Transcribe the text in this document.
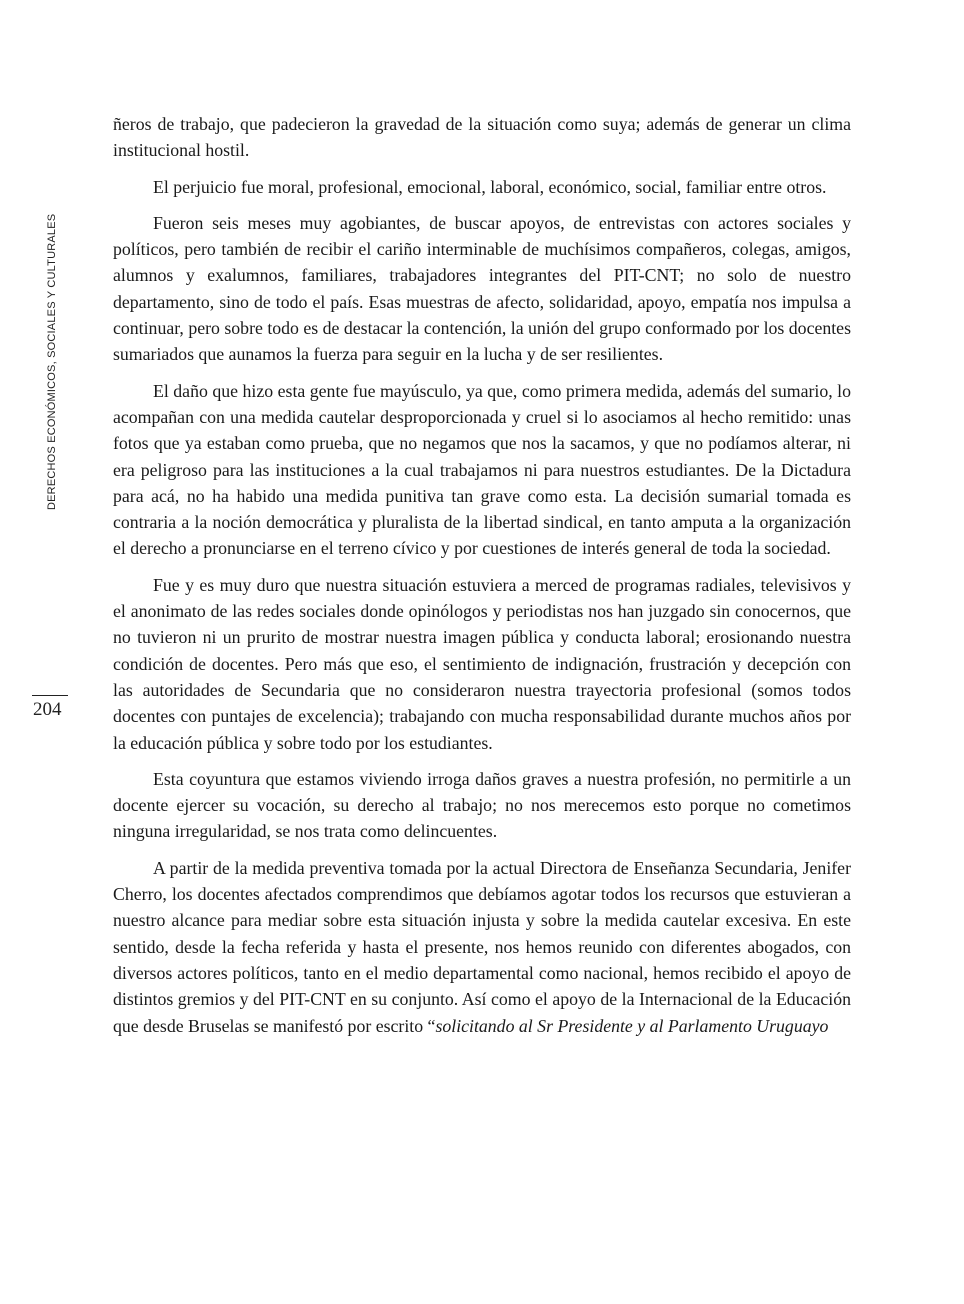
DERECHOS ECONÓMICOS, SOCIALES Y CULTURALES
204

ñeros de trabajo, que padecieron la gravedad de la situación como suya; además de generar un clima institucional hostil.

El perjuicio fue moral, profesional, emocional, laboral, económico, social, familiar entre otros.

Fueron seis meses muy agobiantes, de buscar apoyos, de entrevistas con actores sociales y políticos, pero también de recibir el cariño interminable de muchísimos compañeros, colegas, amigos, alumnos y exalumnos, familiares, trabajadores integrantes del PIT-CNT; no solo de nuestro departamento, sino de todo el país. Esas muestras de afecto, solidaridad, apoyo, empatía nos impulsa a continuar, pero sobre todo es de destacar la contención, la unión del grupo conformado por los docentes sumariados que aunamos la fuerza para seguir en la lucha y de ser resilientes.

El daño que hizo esta gente fue mayúsculo, ya que, como primera medida, además del sumario, lo acompañan con una medida cautelar desproporcionada y cruel si lo asociamos al hecho remitido: unas fotos que ya estaban como prueba, que no negamos que nos la sacamos, y que no podíamos alterar, ni era peligroso para las instituciones a la cual trabajamos ni para nuestros estudiantes. De la Dictadura para acá, no ha habido una medida punitiva tan grave como esta. La decisión sumarial tomada es contraria a la noción democrática y pluralista de la libertad sindical, en tanto amputa a la organización el derecho a pronunciarse en el terreno cívico y por cuestiones de interés general de toda la sociedad.

Fue y es muy duro que nuestra situación estuviera a merced de programas radiales, televisivos y el anonimato de las redes sociales donde opinólogos y periodistas nos han juzgado sin conocernos, que no tuvieron ni un prurito de mostrar nuestra imagen pública y conducta laboral; erosionando nuestra condición de docentes. Pero más que eso, el sentimiento de indignación, frustración y decepción con las autoridades de Secundaria que no consideraron nuestra trayectoria profesional (somos todos docentes con puntajes de excelencia); trabajando con mucha responsabilidad durante muchos años por la educación pública y sobre todo por los estudiantes.

Esta coyuntura que estamos viviendo irroga daños graves a nuestra profesión, no permitirle a un docente ejercer su vocación, su derecho al trabajo; no nos merecemos esto porque no cometimos ninguna irregularidad, se nos trata como delincuentes.

A partir de la medida preventiva tomada por la actual Directora de Enseñanza Secundaria, Jenifer Cherro, los docentes afectados comprendimos que debíamos agotar todos los recursos que estuvieran a nuestro alcance para mediar sobre esta situación injusta y sobre la medida cautelar excesiva. En este sentido, desde la fecha referida y hasta el presente, nos hemos reunido con diferentes abogados, con diversos actores políticos, tanto en el medio departamental como nacional, hemos recibido el apoyo de distintos gremios y del PIT-CNT en su conjunto. Así como el apoyo de la Internacional de la Educación que desde Bruselas se manifestó por escrito “solicitando al Sr Presidente y al Parlamento Uruguayo
